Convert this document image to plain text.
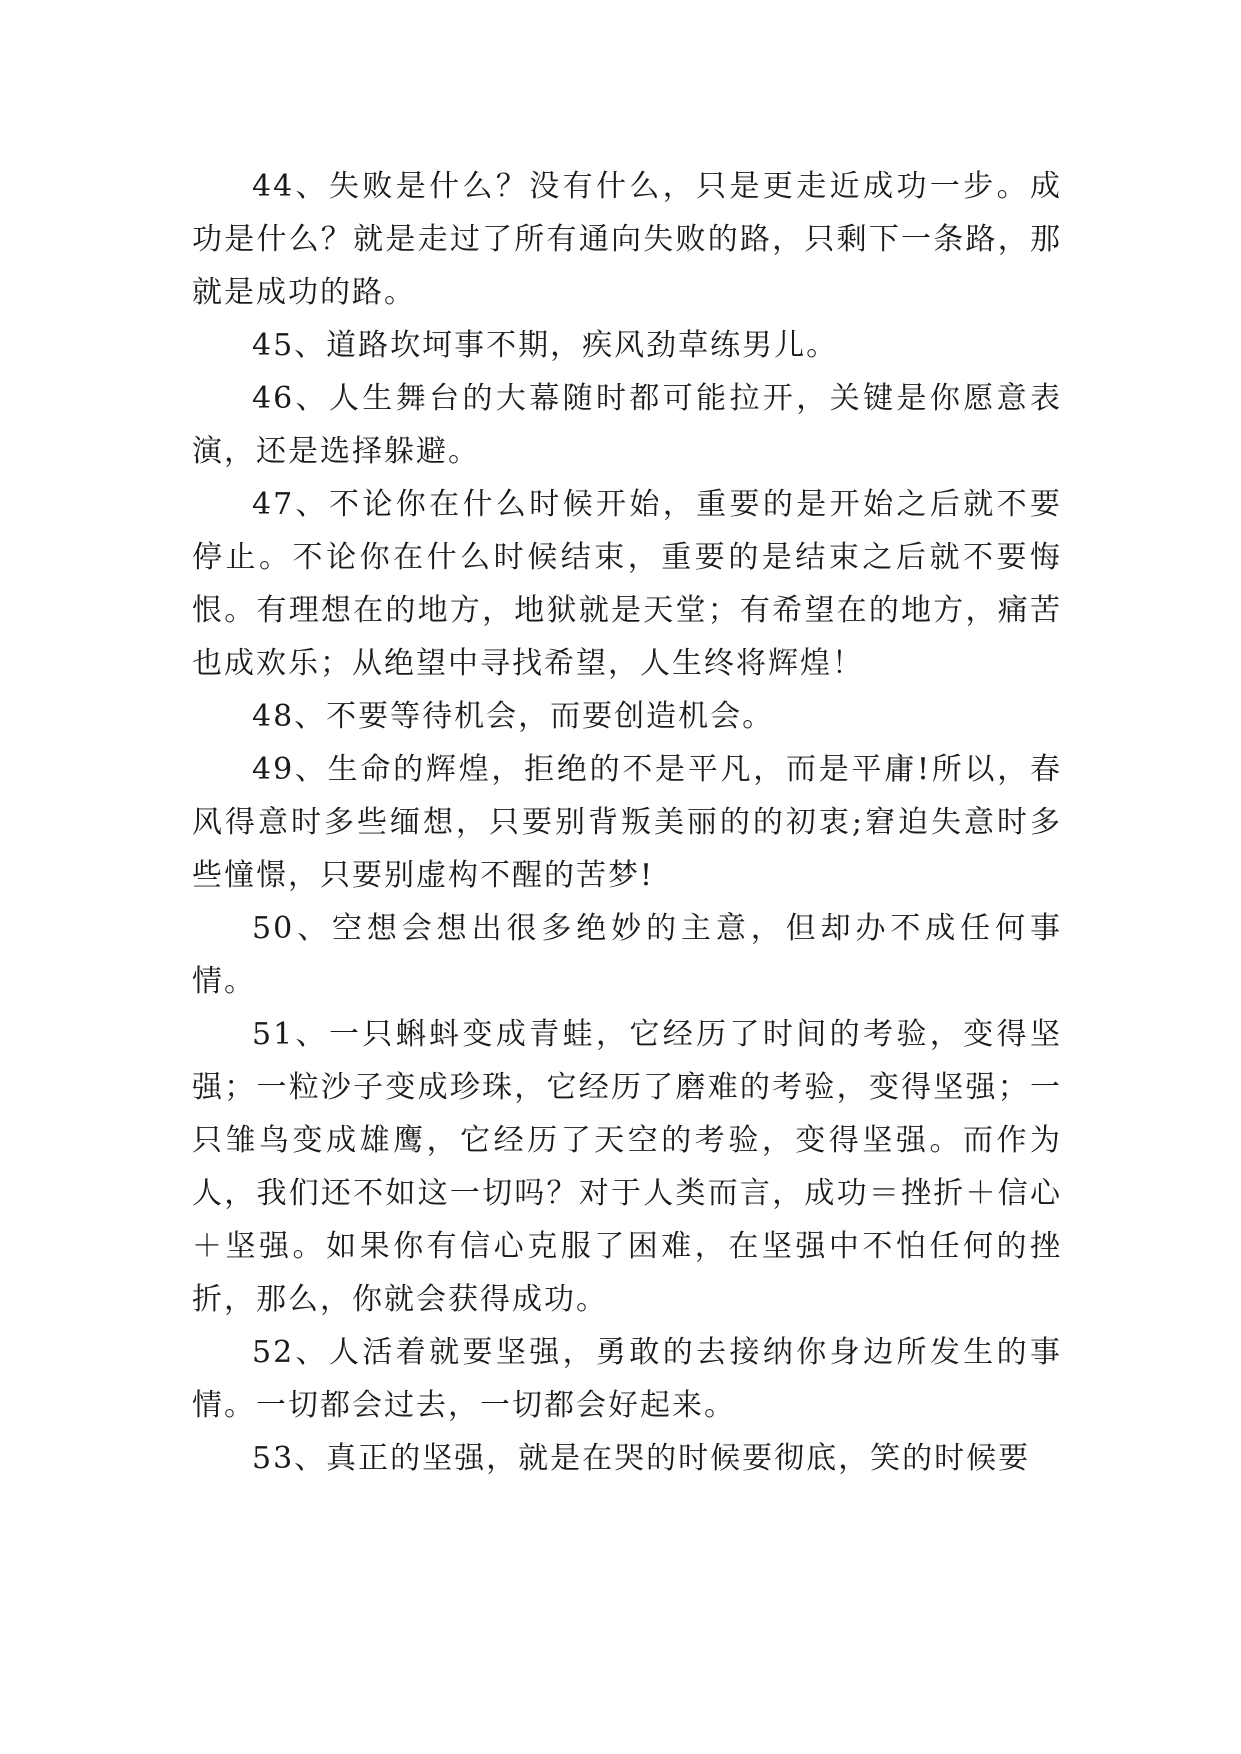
44、失败是什么？没有什么，只是更走近成功一步。成功是什么？就是走过了所有通向失败的路，只剩下一条路，那就是成功的路。

45、道路坎坷事不期，疾风劲草练男儿。

46、人生舞台的大幕随时都可能拉开，关键是你愿意表演，还是选择躲避。

47、不论你在什么时候开始，重要的是开始之后就不要停止。不论你在什么时候结束，重要的是结束之后就不要悔恨。有理想在的地方，地狱就是天堂；有希望在的地方，痛苦也成欢乐；从绝望中寻找希望，人生终将辉煌！

48、不要等待机会，而要创造机会。

49、生命的辉煌，拒绝的不是平凡，而是平庸!所以，春风得意时多些缅想，只要别背叛美丽的的初衷;窘迫失意时多些憧憬，只要别虚构不醒的苦梦!

50、空想会想出很多绝妙的主意，但却办不成任何事情。

51、一只蝌蚪变成青蛙，它经历了时间的考验，变得坚强；一粒沙子变成珍珠，它经历了磨难的考验，变得坚强；一只雏鸟变成雄鹰，它经历了天空的考验，变得坚强。而作为人，我们还不如这一切吗？对于人类而言，成功＝挫折＋信心＋坚强。如果你有信心克服了困难，在坚强中不怕任何的挫折，那么，你就会获得成功。

52、人活着就要坚强，勇敢的去接纳你身边所发生的事情。一切都会过去，一切都会好起来。

53、真正的坚强，就是在哭的时候要彻底，笑的时候要
